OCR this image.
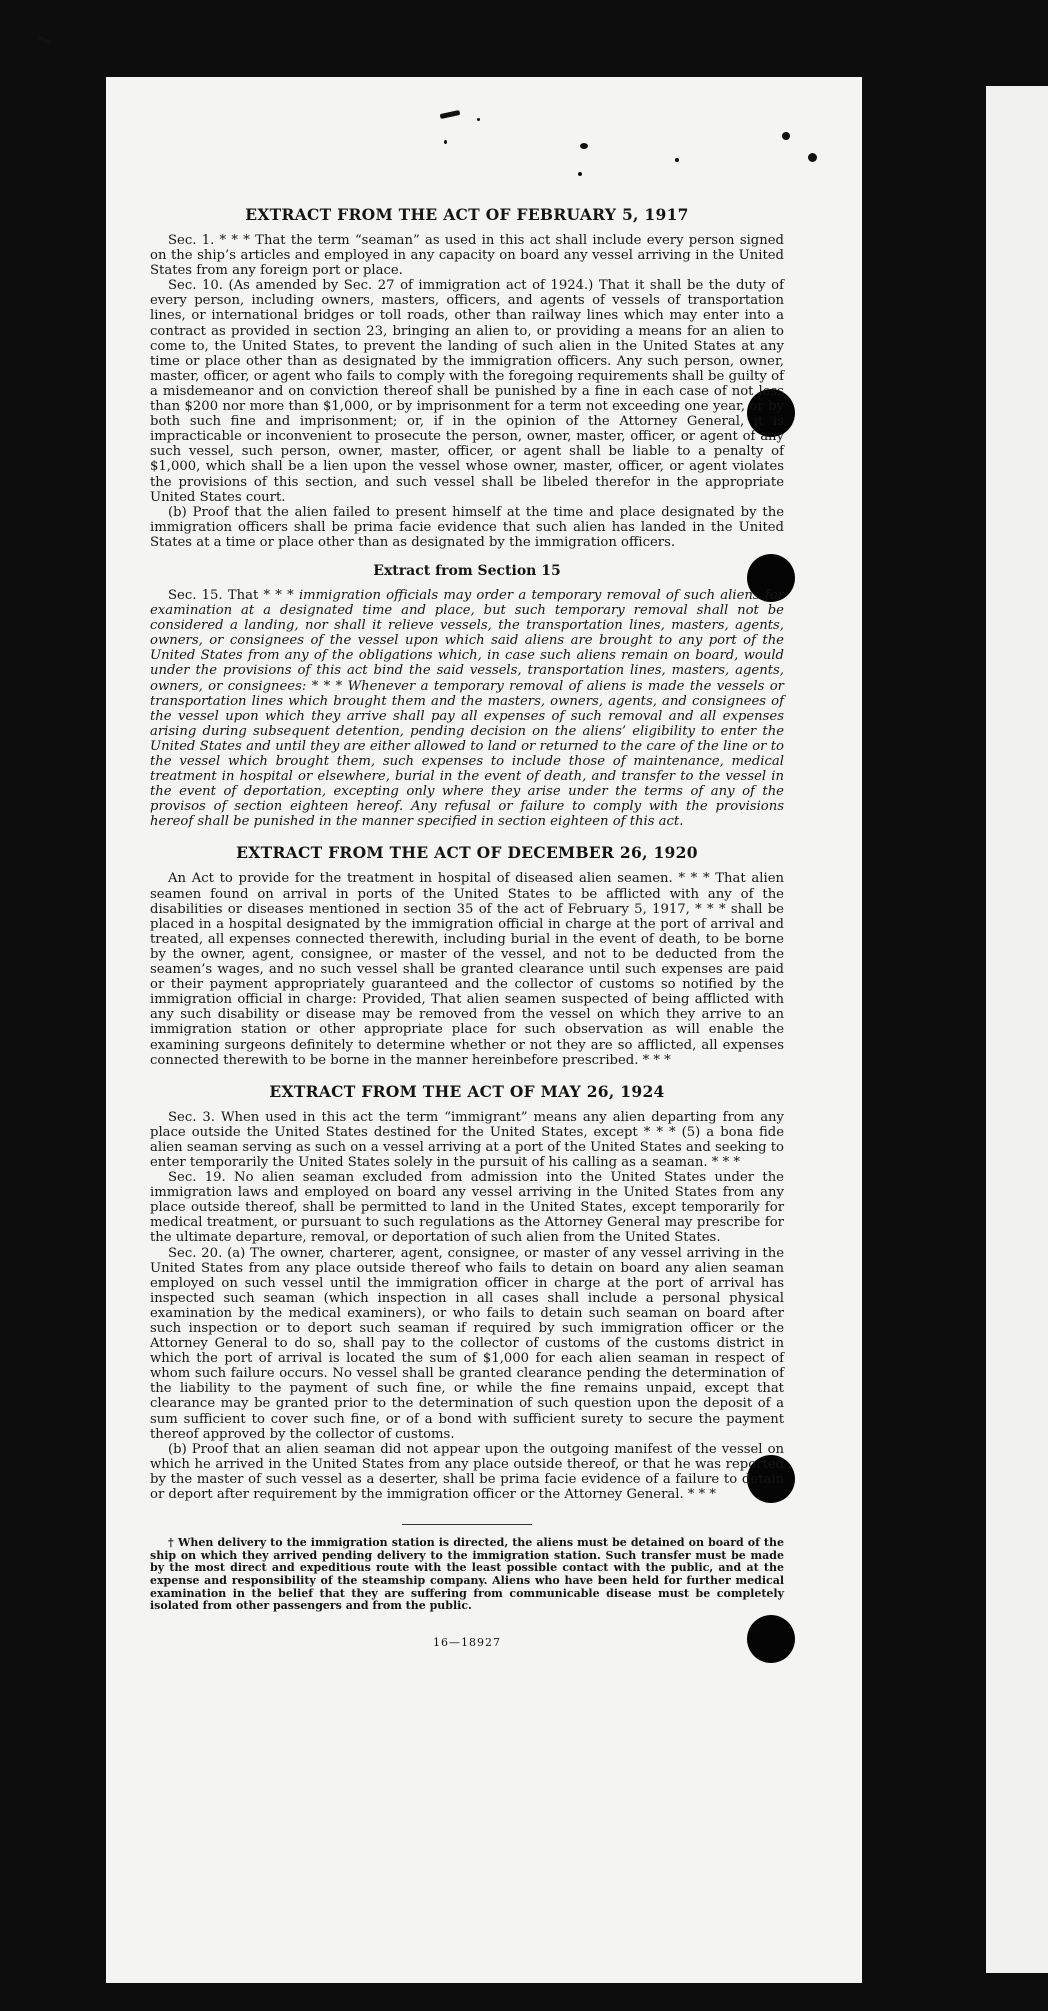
EXTRACT FROM THE ACT OF FEBRUARY 5, 1917

Sec. 1. * * * That the term “seaman” as used in this act shall include every person signed on the ship’s articles and employed in any capacity on board any vessel arriving in the United States from any foreign port or place.

Sec. 10. (As amended by Sec. 27 of immigration act of 1924.) That it shall be the duty of every person, including owners, masters, officers, and agents of vessels of transportation lines, or international bridges or toll roads, other than railway lines which may enter into a contract as provided in section 23, bringing an alien to, or providing a means for an alien to come to, the United States, to prevent the landing of such alien in the United States at any time or place other than as designated by the immigration officers. Any such person, owner, master, officer, or agent who fails to comply with the foregoing requirements shall be guilty of a misdemeanor and on conviction thereof shall be punished by a fine in each case of not less than $200 nor more than $1,000, or by imprisonment for a term not exceeding one year, or by both such fine and imprisonment; or, if in the opinion of the Attorney General, it is impracticable or inconvenient to prosecute the person, owner, master, officer, or agent of any such vessel, such person, owner, master, officer, or agent shall be liable to a penalty of $1,000, which shall be a lien upon the vessel whose owner, master, officer, or agent violates the provisions of this section, and such vessel shall be libeled therefor in the appropriate United States court.

(b) Proof that the alien failed to present himself at the time and place designated by the immigration officers shall be prima facie evidence that such alien has landed in the United States at a time or place other than as designated by the immigration officers.

Extract from Section 15

Sec. 15. That * * * immigration officials may order a temporary removal of such aliens for examination at a designated time and place, but such temporary removal shall not be considered a landing, nor shall it relieve vessels, the transportation lines, masters, agents, owners, or consignees of the vessel upon which said aliens are brought to any port of the United States from any of the obligations which, in case such aliens remain on board, would under the provisions of this act bind the said vessels, transportation lines, masters, agents, owners, or consignees: * * * Whenever a temporary removal of aliens is made the vessels or transportation lines which brought them and the masters, owners, agents, and consignees of the vessel upon which they arrive shall pay all expenses of such removal and all expenses arising during subsequent detention, pending decision on the aliens’ eligibility to enter the United States and until they are either allowed to land or returned to the care of the line or to the vessel which brought them, such expenses to include those of maintenance, medical treatment in hospital or elsewhere, burial in the event of death, and transfer to the vessel in the event of deportation, excepting only where they arise under the terms of any of the provisos of section eighteen hereof. Any refusal or failure to comply with the provisions hereof shall be punished in the manner specified in section eighteen of this act.

EXTRACT FROM THE ACT OF DECEMBER 26, 1920

An Act to provide for the treatment in hospital of diseased alien seamen. * * * That alien seamen found on arrival in ports of the United States to be afflicted with any of the disabilities or diseases mentioned in section 35 of the act of February 5, 1917, * * * shall be placed in a hospital designated by the immigration official in charge at the port of arrival and treated, all expenses connected therewith, including burial in the event of death, to be borne by the owner, agent, consignee, or master of the vessel, and not to be deducted from the seamen’s wages, and no such vessel shall be granted clearance until such expenses are paid or their payment appropriately guaranteed and the collector of customs so notified by the immigration official in charge: Provided, That alien seamen suspected of being afflicted with any such disability or disease may be removed from the vessel on which they arrive to an immigration station or other appropriate place for such observation as will enable the examining surgeons definitely to determine whether or not they are so afflicted, all expenses connected therewith to be borne in the manner hereinbefore prescribed. * * *

EXTRACT FROM THE ACT OF MAY 26, 1924

Sec. 3. When used in this act the term “immigrant” means any alien departing from any place outside the United States destined for the United States, except * * * (5) a bona fide alien seaman serving as such on a vessel arriving at a port of the United States and seeking to enter temporarily the United States solely in the pursuit of his calling as a seaman. * * *

Sec. 19. No alien seaman excluded from admission into the United States under the immigration laws and employed on board any vessel arriving in the United States from any place outside thereof, shall be permitted to land in the United States, except temporarily for medical treatment, or pursuant to such regulations as the Attorney General may prescribe for the ultimate departure, removal, or deportation of such alien from the United States.

Sec. 20. (a) The owner, charterer, agent, consignee, or master of any vessel arriving in the United States from any place outside thereof who fails to detain on board any alien seaman employed on such vessel until the immigration officer in charge at the port of arrival has inspected such seaman (which inspection in all cases shall include a personal physical examination by the medical examiners), or who fails to detain such seaman on board after such inspection or to deport such seaman if required by such immigration officer or the Attorney General to do so, shall pay to the collector of customs of the customs district in which the port of arrival is located the sum of $1,000 for each alien seaman in respect of whom such failure occurs. No vessel shall be granted clearance pending the determination of the liability to the payment of such fine, or while the fine remains unpaid, except that clearance may be granted prior to the determination of such question upon the deposit of a sum sufficient to cover such fine, or of a bond with sufficient surety to secure the payment thereof approved by the collector of customs.

(b) Proof that an alien seaman did not appear upon the outgoing manifest of the vessel on which he arrived in the United States from any place outside thereof, or that he was reported by the master of such vessel as a deserter, shall be prima facie evidence of a failure to detain or deport after requirement by the immigration officer or the Attorney General. * * *

† When delivery to the immigration station is directed, the aliens must be detained on board of the ship on which they arrived pending delivery to the immigration station. Such transfer must be made by the most direct and expeditious route with the least possible contact with the public, and at the expense and responsibility of the steamship company. Aliens who have been held for further medical examination in the belief that they are suffering from communicable disease must be completely isolated from other passengers and from the public.

16—18927
